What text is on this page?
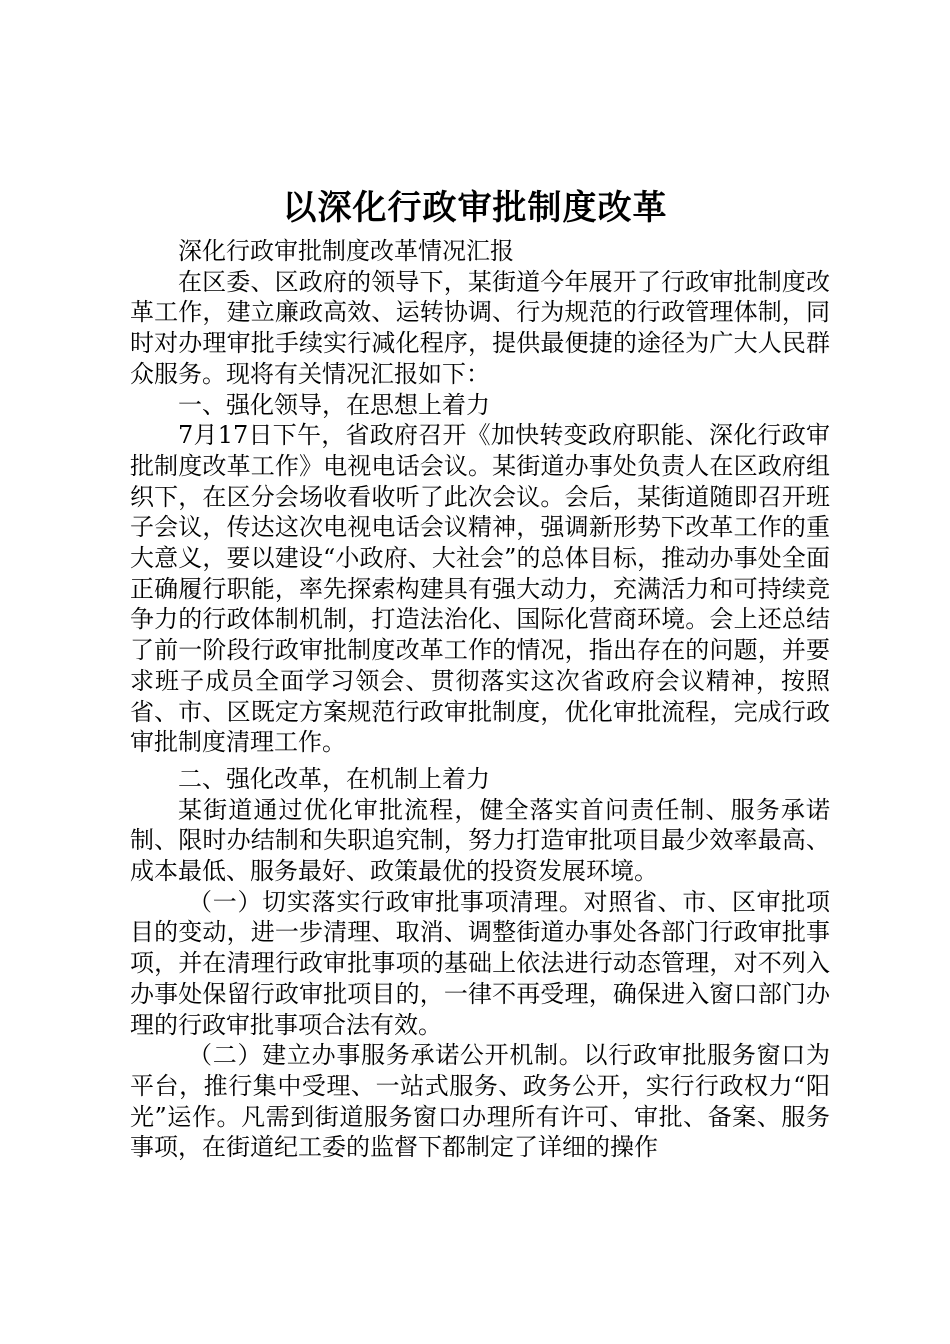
以深化行政审批制度改革

深化行政审批制度改革情况汇报

在区委、区政府的领导下，某街道今年展开了行政审批制度改革工作，建立廉政高效、运转协调、行为规范的行政管理体制，同时对办理审批手续实行减化程序，提供最便捷的途径为广大人民群众服务。现将有关情况汇报如下：

一、强化领导，在思想上着力

7月17日下午，省政府召开《加快转变政府职能、深化行政审批制度改革工作》电视电话会议。某街道办事处负责人在区政府组织下，在区分会场收看收听了此次会议。会后，某街道随即召开班子会议，传达这次电视电话会议精神，强调新形势下改革工作的重大意义，要以建设“小政府、大社会”的总体目标，推动办事处全面正确履行职能，率先探索构建具有强大动力，充满活力和可持续竞争力的行政体制机制，打造法治化、国际化营商环境。会上还总结了前一阶段行政审批制度改革工作的情况，指出存在的问题，并要求班子成员全面学习领会、贯彻落实这次省政府会议精神，按照省、市、区既定方案规范行政审批制度，优化审批流程，完成行政审批制度清理工作。

二、强化改革，在机制上着力

某街道通过优化审批流程，健全落实首问责任制、服务承诺制、限时办结制和失职追究制，努力打造审批项目最少效率最高、成本最低、服务最好、政策最优的投资发展环境。

（一）切实落实行政审批事项清理。对照省、市、区审批项目的变动，进一步清理、取消、调整街道办事处各部门行政审批事项，并在清理行政审批事项的基础上依法进行动态管理，对不列入办事处保留行政审批项目的，一律不再受理，确保进入窗口部门办理的行政审批事项合法有效。

（二）建立办事服务承诺公开机制。以行政审批服务窗口为平台，推行集中受理、一站式服务、政务公开，实行行政权力“阳光”运作。凡需到街道服务窗口办理所有许可、审批、备案、服务事项，在街道纪工委的监督下都制定了详细的操作
